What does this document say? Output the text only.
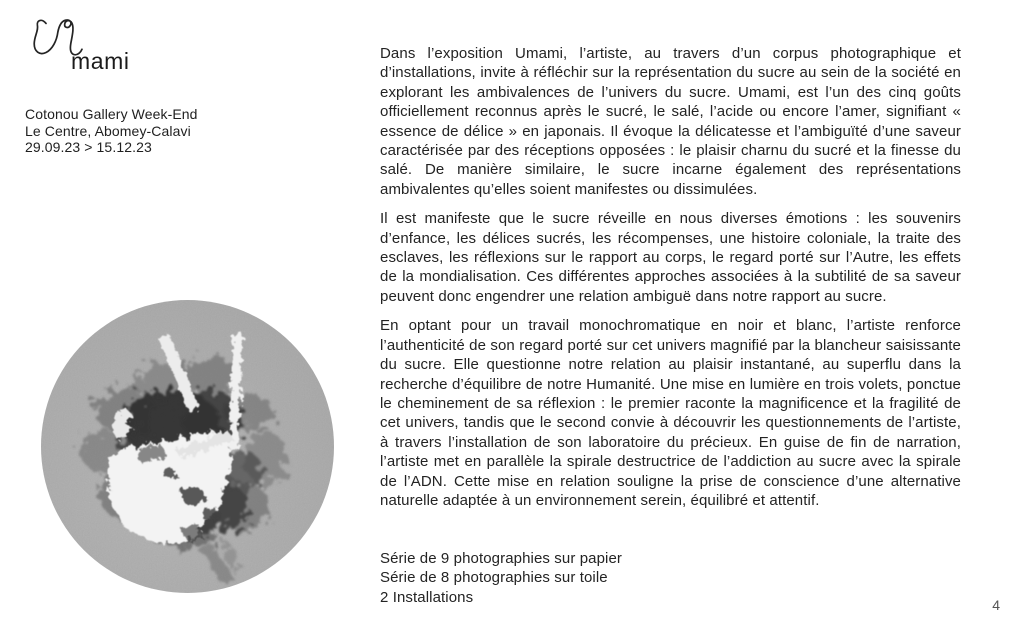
mami
Cotonou Gallery Week-End
Le Centre, Abomey-Calavi
29.09.23 > 15.12.23

Dans l’exposition Umami, l’artiste, au travers d’un corpus photographique et d’installations, invite à réfléchir sur la représentation du sucre au sein de la société en explorant les ambivalences de l’univers du sucre. Umami, est l’un des cinq goûts officiellement reconnus après le sucré, le salé, l’acide ou encore l’amer, signifiant « essence de délice » en japonais. Il évoque la délicatesse et l’ambiguïté d’une saveur caractérisée par des réceptions opposées : le plaisir charnu du sucré et la finesse du salé. De manière similaire, le sucre incarne également des représentations ambivalentes qu’elles soient manifestes ou dissimulées.

Il est manifeste que le sucre réveille en nous diverses émotions : les souvenirs d’enfance, les délices sucrés, les récompenses, une histoire coloniale, la traite des esclaves, les réflexions sur le rapport au corps, le regard porté sur l’Autre, les effets de la mondialisation. Ces différentes approches associées à la subtilité de sa saveur peuvent donc engendrer une relation ambiguë dans notre rapport au sucre.

En optant pour un travail monochromatique en noir et blanc, l’artiste renforce l’authenticité de son regard porté sur cet univers magnifié par la blancheur saisissante du sucre. Elle questionne notre relation au plaisir instantané, au superflu dans la recherche d’équilibre de notre Humanité. Une mise en lumière en trois volets, ponctue le cheminement de sa réflexion : le premier raconte la magnificence et la fragilité de cet univers, tandis que le second convie à découvrir les questionnements de l’artiste, à travers l’installation de son laboratoire du précieux. En guise de fin de narration, l’artiste met en parallèle la spirale destructrice de l’addiction au sucre avec la spirale de l’ADN. Cette mise en relation souligne la prise de conscience d’une alternative naturelle adaptée à un environnement serein, équilibré et attentif.

Série de 9 photographies sur papier
Série de 8 photographies sur toile
2 Installations	4
